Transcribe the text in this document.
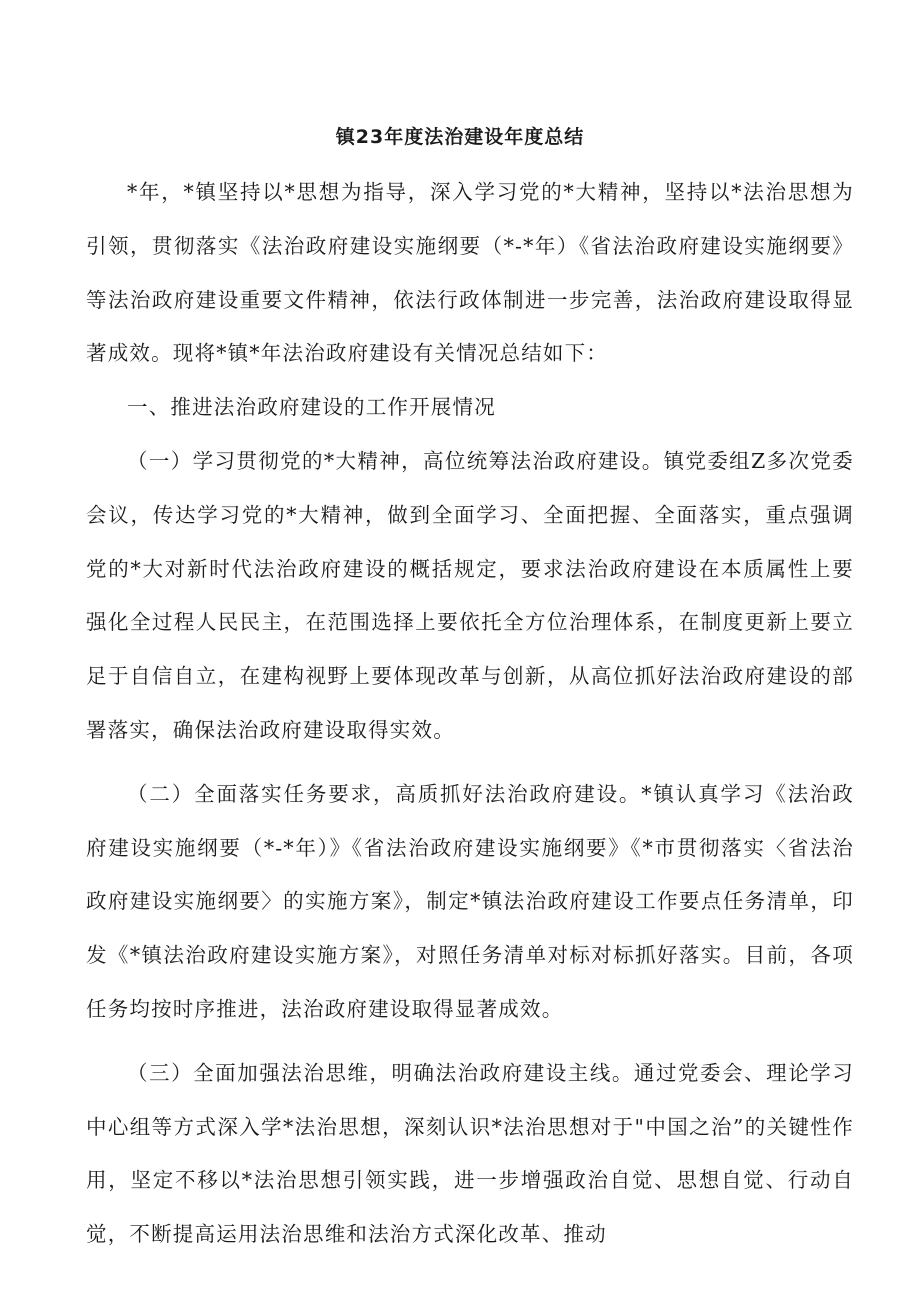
镇23年度法治建设年度总结

*年，*镇坚持以*思想为指导，深入学习党的*大精神，坚持以*法治思想为引领，贯彻落实《法治政府建设实施纲要（*-*年）《省法治政府建设实施纲要》等法治政府建设重要文件精神，依法行政体制进一步完善，法治政府建设取得显著成效。现将*镇*年法治政府建设有关情况总结如下：

一、推进法治政府建设的工作开展情况

（一）学习贯彻党的*大精神，高位统筹法治政府建设。镇党委组Z多次党委会议，传达学习党的*大精神，做到全面学习、全面把握、全面落实，重点强调党的*大对新时代法治政府建设的概括规定，要求法治政府建设在本质属性上要强化全过程人民民主，在范围选择上要依托全方位治理体系，在制度更新上要立足于自信自立，在建构视野上要体现改革与创新，从高位抓好法治政府建设的部署落实，确保法治政府建设取得实效。

（二）全面落实任务要求，高质抓好法治政府建设。*镇认真学习《法治政府建设实施纲要（*-*年）》《省法治政府建设实施纲要》《*市贯彻落实〈省法治政府建设实施纲要〉的实施方案》，制定*镇法治政府建设工作要点任务清单，印发《*镇法治政府建设实施方案》，对照任务清单对标对标抓好落实。目前，各项任务均按时序推进，法治政府建设取得显著成效。

（三）全面加强法治思维，明确法治政府建设主线。通过党委会、理论学习中心组等方式深入学*法治思想，深刻认识*法治思想对于"中国之治”的关键性作用，坚定不移以*法治思想引领实践，进一步增强政治自觉、思想自觉、行动自觉，不断提高运用法治思维和法治方式深化改革、推动
